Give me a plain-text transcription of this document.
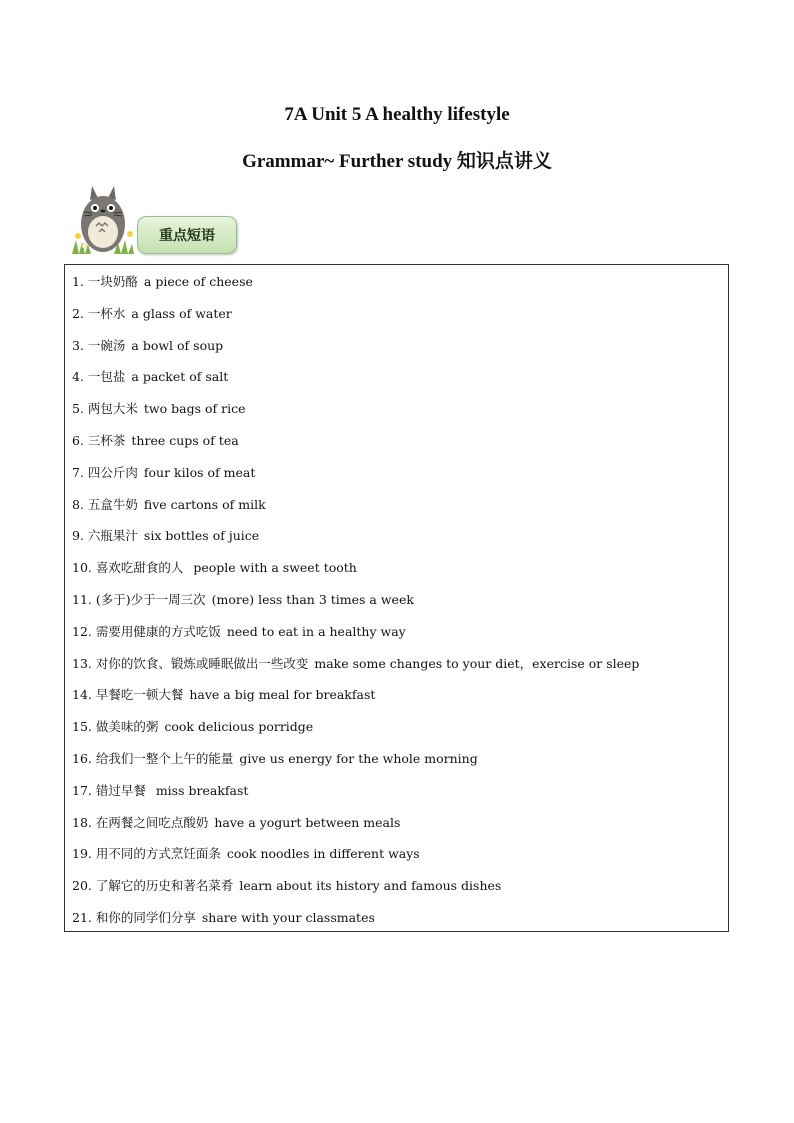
7A Unit 5 A healthy lifestyle
Grammar~ Further study 知识点讲义
重点短语
1. 一块奶酪 a piece of cheese
2. 一杯水 a glass of water
3. 一碗汤 a bowl of soup
4. 一包盐 a packet of salt
5. 两包大米 two bags of rice
6. 三杯茶 three cups of tea
7. 四公斤肉 four kilos of meat
8. 五盒牛奶 five cartons of milk
9. 六瓶果汁 six bottles of juice
10. 喜欢吃甜食的人 people with a sweet tooth
11. (多于)少于一周三次 (more) less than 3 times a week
12. 需要用健康的方式吃饭 need to eat in a healthy way
13. 对你的饮食、锻炼或睡眠做出一些改变 make some changes to your diet，exercise or sleep
14. 早餐吃一顿大餐 have a big meal for breakfast
15. 做美味的粥 cook delicious porridge
16. 给我们一整个上午的能量 give us energy for the whole morning
17. 错过早餐 miss breakfast
18. 在两餐之间吃点酸奶 have a yogurt between meals
19. 用不同的方式烹饪面条 cook noodles in different ways
20. 了解它的历史和著名菜肴 learn about its history and famous dishes
21. 和你的同学们分享 share with your classmates
